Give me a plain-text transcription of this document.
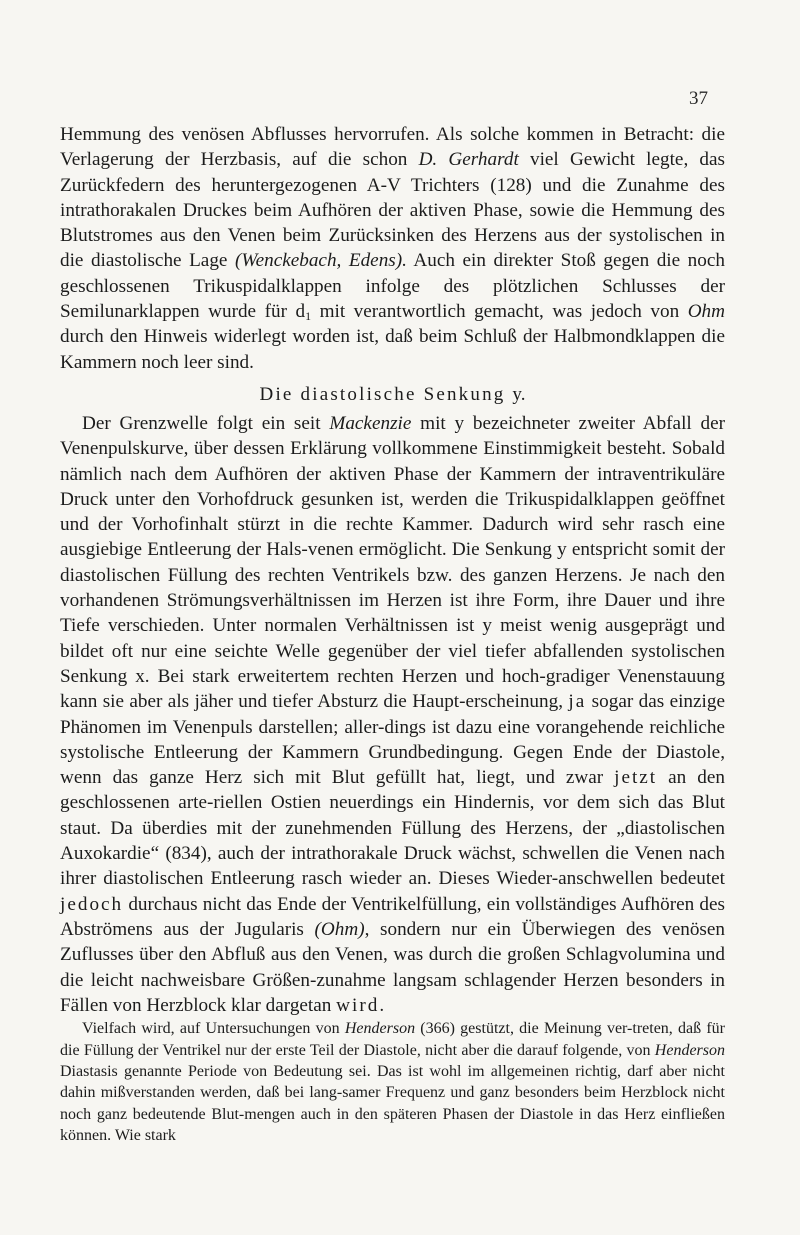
37

Hemmung des venösen Abflusses hervorrufen. Als solche kommen in Betracht: die Verlagerung der Herzbasis, auf die schon D. Gerhardt viel Gewicht legte, das Zurückfedern des heruntergezogenen A-V Trichters (128) und die Zunahme des intrathorakalen Druckes beim Aufhören der aktiven Phase, sowie die Hemmung des Blutstromes aus den Venen beim Zurücksinken des Herzens aus der systolischen in die diastolische Lage (Wenckebach, Edens). Auch ein direkter Stoß gegen die noch geschlossenen Trikuspidalklappen infolge des plötzlichen Schlusses der Semilunarklappen wurde für $d_1$ mit verantwortlich gemacht, was jedoch von Ohm durch den Hinweis widerlegt worden ist, daß beim Schluß der Halbmondklappen die Kammern noch leer sind.

Die diastolische Senkung y.

Der Grenzwelle folgt ein seit Mackenzie mit y bezeichneter zweiter Abfall der Venenpulskurve, über dessen Erklärung vollkommene Einstimmigkeit besteht. Sobald nämlich nach dem Aufhören der aktiven Phase der Kammern der intraventrikuläre Druck unter den Vorhofdruck gesunken ist, werden die Trikuspidalklappen geöffnet und der Vorhofinhalt stürzt in die rechte Kammer. Dadurch wird sehr rasch eine ausgiebige Entleerung der Hals-venen ermöglicht. Die Senkung y entspricht somit der diastolischen Füllung des rechten Ventrikels bzw. des ganzen Herzens. Je nach den vorhandenen Strömungsverhältnissen im Herzen ist ihre Form, ihre Dauer und ihre Tiefe verschieden. Unter normalen Verhältnissen ist y meist wenig ausgeprägt und bildet oft nur eine seichte Welle gegenüber der viel tiefer abfallenden systolischen Senkung x. Bei stark erweitertem rechten Herzen und hoch-gradiger Venenstauung kann sie aber als jäher und tiefer Absturz die Haupt-erscheinung, ja sogar das einzige Phänomen im Venenpuls darstellen; aller-dings ist dazu eine vorangehende reichliche systolische Entleerung der Kammern Grundbedingung. Gegen Ende der Diastole, wenn das ganze Herz sich mit Blut gefüllt hat, liegt, und zwar jetzt an den geschlossenen arte-riellen Ostien neuerdings ein Hindernis, vor dem sich das Blut staut. Da überdies mit der zunehmenden Füllung des Herzens, der „diastolischen Auxokardie“ (834), auch der intrathorakale Druck wächst, schwellen die Venen nach ihrer diastolischen Entleerung rasch wieder an. Dieses Wieder-anschwellen bedeutet jedoch durchaus nicht das Ende der Ventrikelfüllung, ein vollständiges Aufhören des Abströmens aus der Jugularis (Ohm), sondern nur ein Überwiegen des venösen Zuflusses über den Abfluß aus den Venen, was durch die großen Schlagvolumina und die leicht nachweisbare Größen-zunahme langsam schlagender Herzen besonders in Fällen von Herzblock klar dargetan wird.

Vielfach wird, auf Untersuchungen von Henderson (366) gestützt, die Meinung ver-treten, daß für die Füllung der Ventrikel nur der erste Teil der Diastole, nicht aber die darauf folgende, von Henderson Diastasis genannte Periode von Bedeutung sei. Das ist wohl im allgemeinen richtig, darf aber nicht dahin mißverstanden werden, daß bei lang-samer Frequenz und ganz besonders beim Herzblock nicht noch ganz bedeutende Blut-mengen auch in den späteren Phasen der Diastole in das Herz einfließen können. Wie stark
